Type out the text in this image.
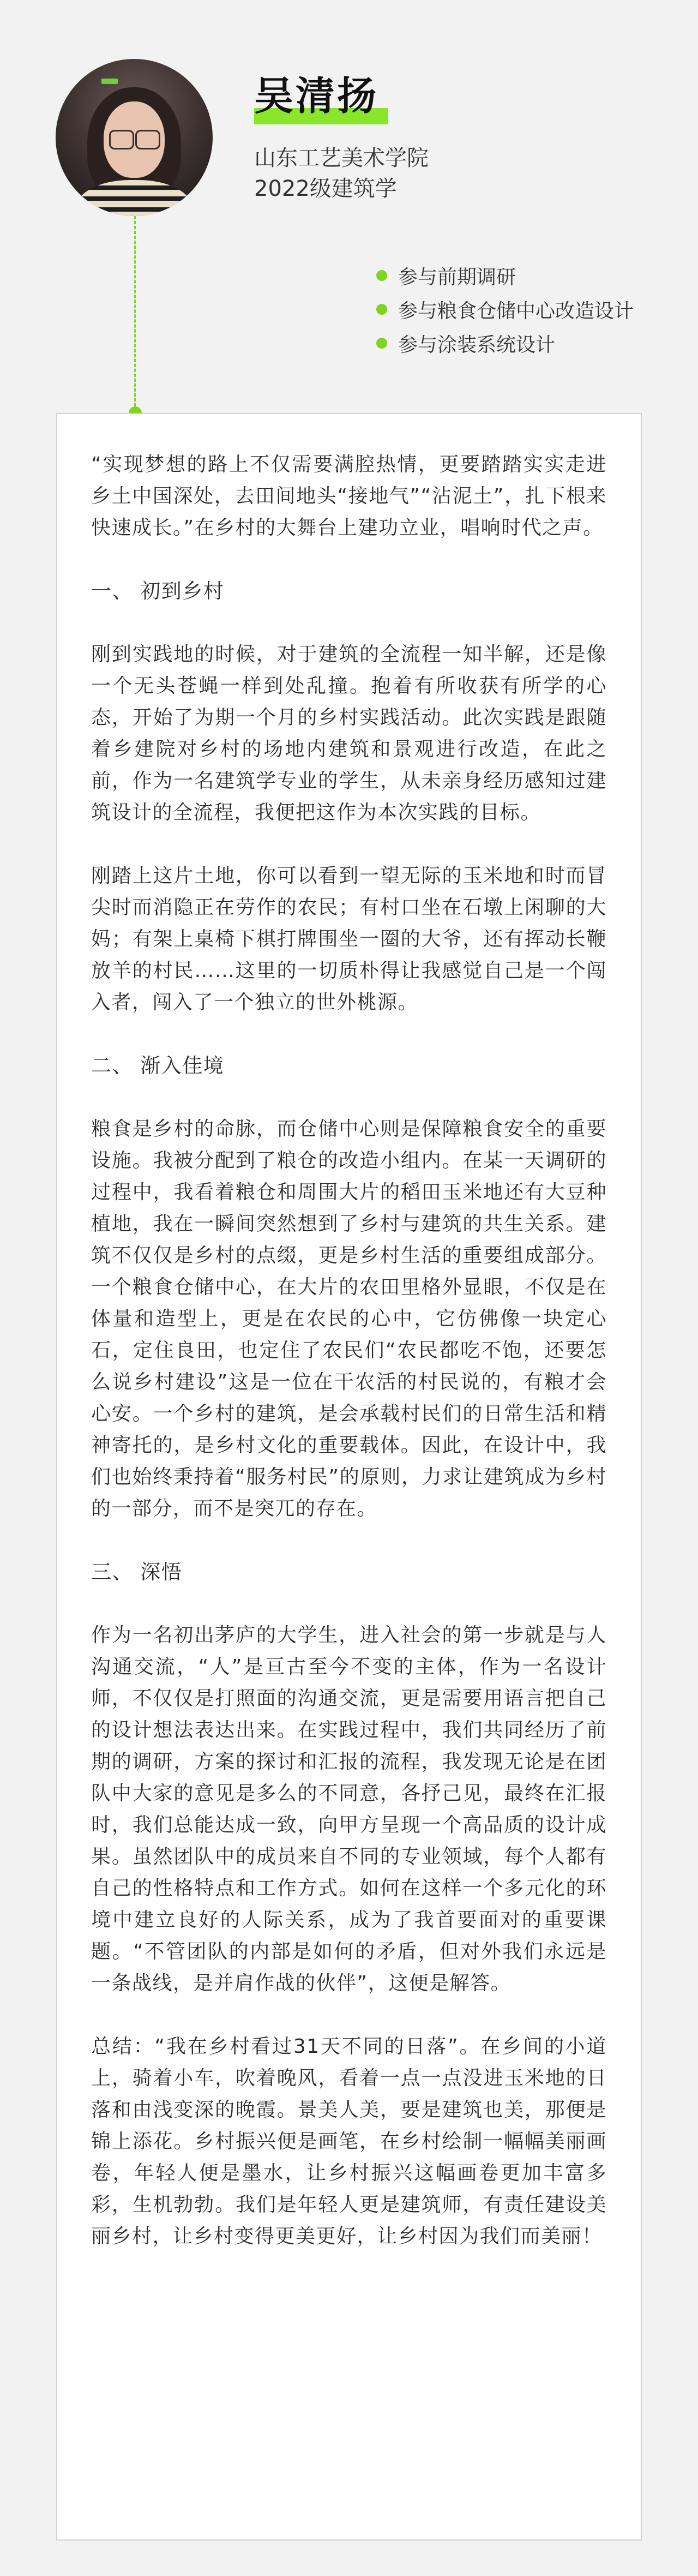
吴清扬
山东工艺美术学院
2022级建筑学
参与前期调研
参与粮食仓储中心改造设计
参与涂装系统设计

“实现梦想的路上不仅需要满腔热情，更要踏踏实实走进乡土中国深处，去田间地头“接地气”“沾泥土”，扎下根来快速成长。”在乡村的大舞台上建功立业，唱响时代之声。

一、 初到乡村

刚到实践地的时候，对于建筑的全流程一知半解，还是像一个无头苍蝇一样到处乱撞。抱着有所收获有所学的心态，开始了为期一个月的乡村实践活动。此次实践是跟随着乡建院对乡村的场地内建筑和景观进行改造，在此之前，作为一名建筑学专业的学生，从未亲身经历感知过建筑设计的全流程，我便把这作为本次实践的目标。

刚踏上这片土地，你可以看到一望无际的玉米地和时而冒尖时而消隐正在劳作的农民；有村口坐在石墩上闲聊的大妈；有架上桌椅下棋打牌围坐一圈的大爷，还有挥动长鞭放羊的村民……这里的一切质朴得让我感觉自己是一个闯入者，闯入了一个独立的世外桃源。

二、 渐入佳境

粮食是乡村的命脉，而仓储中心则是保障粮食安全的重要设施。我被分配到了粮仓的改造小组内。在某一天调研的过程中，我看着粮仓和周围大片的稻田玉米地还有大豆种植地，我在一瞬间突然想到了乡村与建筑的共生关系。建筑不仅仅是乡村的点缀，更是乡村生活的重要组成部分。一个粮食仓储中心，在大片的农田里格外显眼，不仅是在体量和造型上，更是在农民的心中，它仿佛像一块定心石，定住良田，也定住了农民们“农民都吃不饱，还要怎么说乡村建设”这是一位在干农活的村民说的，有粮才会心安。一个乡村的建筑，是会承载村民们的日常生活和精神寄托的，是乡村文化的重要载体。因此，在设计中，我们也始终秉持着“服务村民”的原则，力求让建筑成为乡村的一部分，而不是突兀的存在。

三、 深悟

作为一名初出茅庐的大学生，进入社会的第一步就是与人沟通交流，“人”是亘古至今不变的主体，作为一名设计师，不仅仅是打照面的沟通交流，更是需要用语言把自己的设计想法表达出来。在实践过程中，我们共同经历了前期的调研，方案的探讨和汇报的流程，我发现无论是在团队中大家的意见是多么的不同意，各抒己见，最终在汇报时，我们总能达成一致，向甲方呈现一个高品质的设计成果。虽然团队中的成员来自不同的专业领域，每个人都有自己的性格特点和工作方式。如何在这样一个多元化的环境中建立良好的人际关系，成为了我首要面对的重要课题。“不管团队的内部是如何的矛盾，但对外我们永远是一条战线，是并肩作战的伙伴”，这便是解答。

总结：“我在乡村看过31天不同的日落”。在乡间的小道上，骑着小车，吹着晚风，看着一点一点没进玉米地的日落和由浅变深的晚霞。景美人美，要是建筑也美，那便是锦上添花。乡村振兴便是画笔，在乡村绘制一幅幅美丽画卷，年轻人便是墨水，让乡村振兴这幅画卷更加丰富多彩，生机勃勃。我们是年轻人更是建筑师，有责任建设美丽乡村，让乡村变得更美更好，让乡村因为我们而美丽！
